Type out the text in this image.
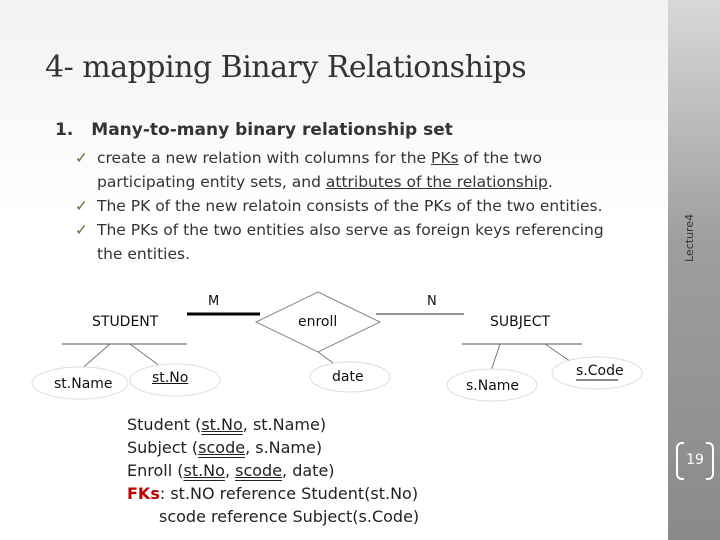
19
4- mapping Binary Relationships
1. Many-to-many binary relationship set
✓ create a new relation with columns for the PKs of the two
participating entity sets, and attributes of the relationship.
✓ The PK of the new relatoin consists of the PKs of the two entities.
✓ The PKs of the two entities also serve as foreign keys referencing
the entities.
M	N
STUDENT	enroll	SUBJECT
st.Name	st.No	date
s.Name
s.Code
Student (st.No, st.Name)
Subject (scode, s.Name)
Enroll (st.No, scode, date)
FKs: st.NO reference Student(st.No)
scode reference Subject(s.Code)
